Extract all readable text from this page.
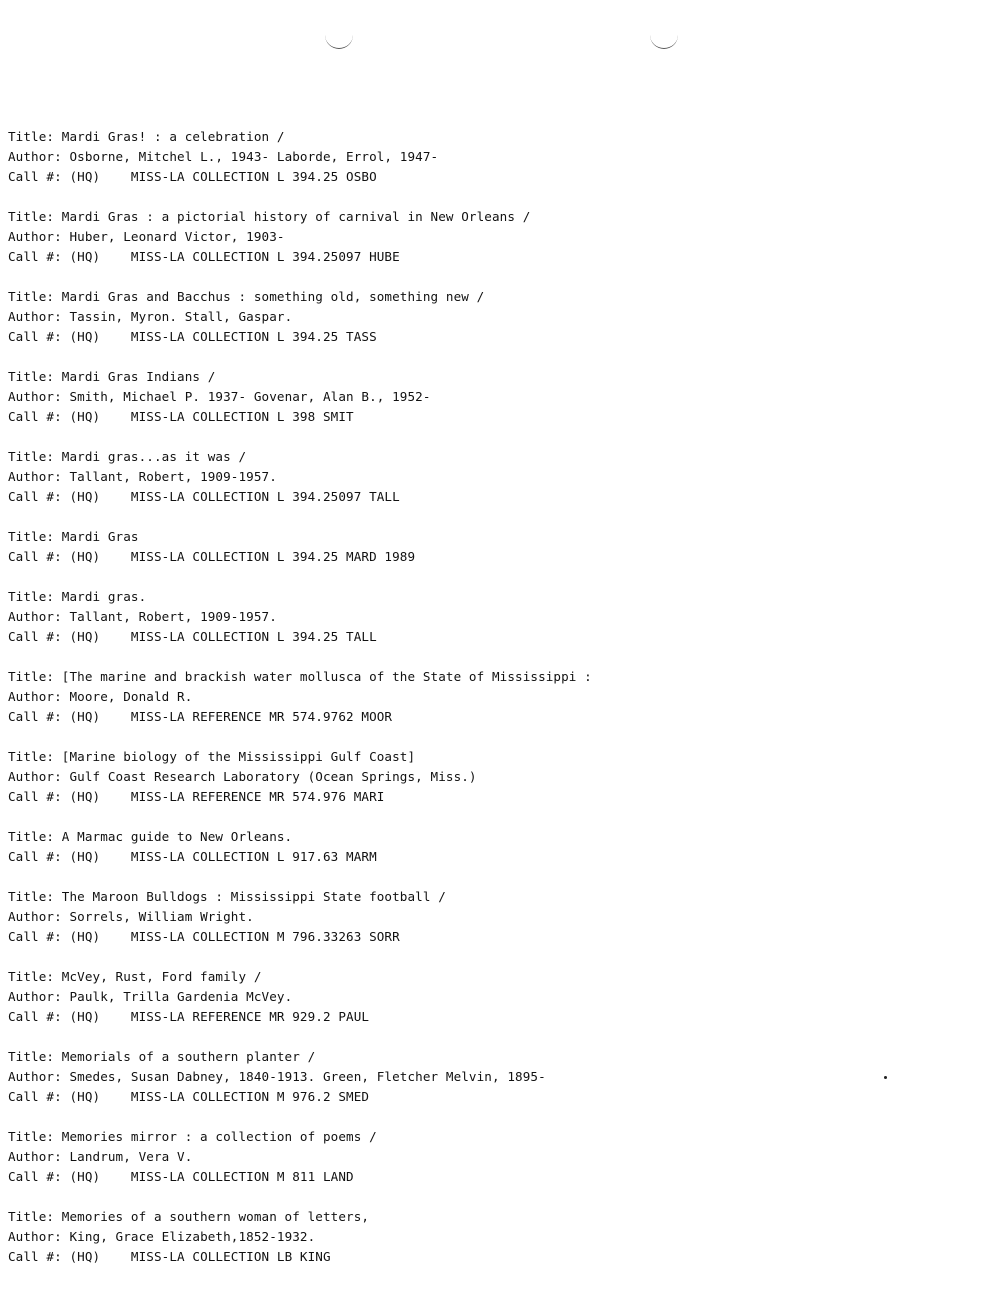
Title: Mardi Gras! : a celebration /
Author: Osborne, Mitchel L., 1943- Laborde, Errol, 1947-
Call #: (HQ)    MISS-LA COLLECTION L 394.25 OSBO
Title: Mardi Gras : a pictorial history of carnival in New Orleans /
Author: Huber, Leonard Victor, 1903-
Call #: (HQ)    MISS-LA COLLECTION L 394.25097 HUBE
Title: Mardi Gras and Bacchus : something old, something new /
Author: Tassin, Myron. Stall, Gaspar.
Call #: (HQ)    MISS-LA COLLECTION L 394.25 TASS
Title: Mardi Gras Indians /
Author: Smith, Michael P. 1937- Govenar, Alan B., 1952-
Call #: (HQ)    MISS-LA COLLECTION L 398 SMIT
Title: Mardi gras...as it was /
Author: Tallant, Robert, 1909-1957.
Call #: (HQ)    MISS-LA COLLECTION L 394.25097 TALL
Title: Mardi Gras
Call #: (HQ)    MISS-LA COLLECTION L 394.25 MARD 1989
Title: Mardi gras.
Author: Tallant, Robert, 1909-1957.
Call #: (HQ)    MISS-LA COLLECTION L 394.25 TALL
Title: [The marine and brackish water mollusca of the State of Mississippi :
Author: Moore, Donald R.
Call #: (HQ)    MISS-LA REFERENCE MR 574.9762 MOOR
Title: [Marine biology of the Mississippi Gulf Coast]
Author: Gulf Coast Research Laboratory (Ocean Springs, Miss.)
Call #: (HQ)    MISS-LA REFERENCE MR 574.976 MARI
Title: A Marmac guide to New Orleans.
Call #: (HQ)    MISS-LA COLLECTION L 917.63 MARM
Title: The Maroon Bulldogs : Mississippi State football /
Author: Sorrels, William Wright.
Call #: (HQ)    MISS-LA COLLECTION M 796.33263 SORR
Title: McVey, Rust, Ford family /
Author: Paulk, Trilla Gardenia McVey.
Call #: (HQ)    MISS-LA REFERENCE MR 929.2 PAUL
Title: Memorials of a southern planter /
Author: Smedes, Susan Dabney, 1840-1913. Green, Fletcher Melvin, 1895-
Call #: (HQ)    MISS-LA COLLECTION M 976.2 SMED
Title: Memories mirror : a collection of poems /
Author: Landrum, Vera V.
Call #: (HQ)    MISS-LA COLLECTION M 811 LAND
Title: Memories of a southern woman of letters,
Author: King, Grace Elizabeth,1852-1932.
Call #: (HQ)    MISS-LA COLLECTION LB KING
